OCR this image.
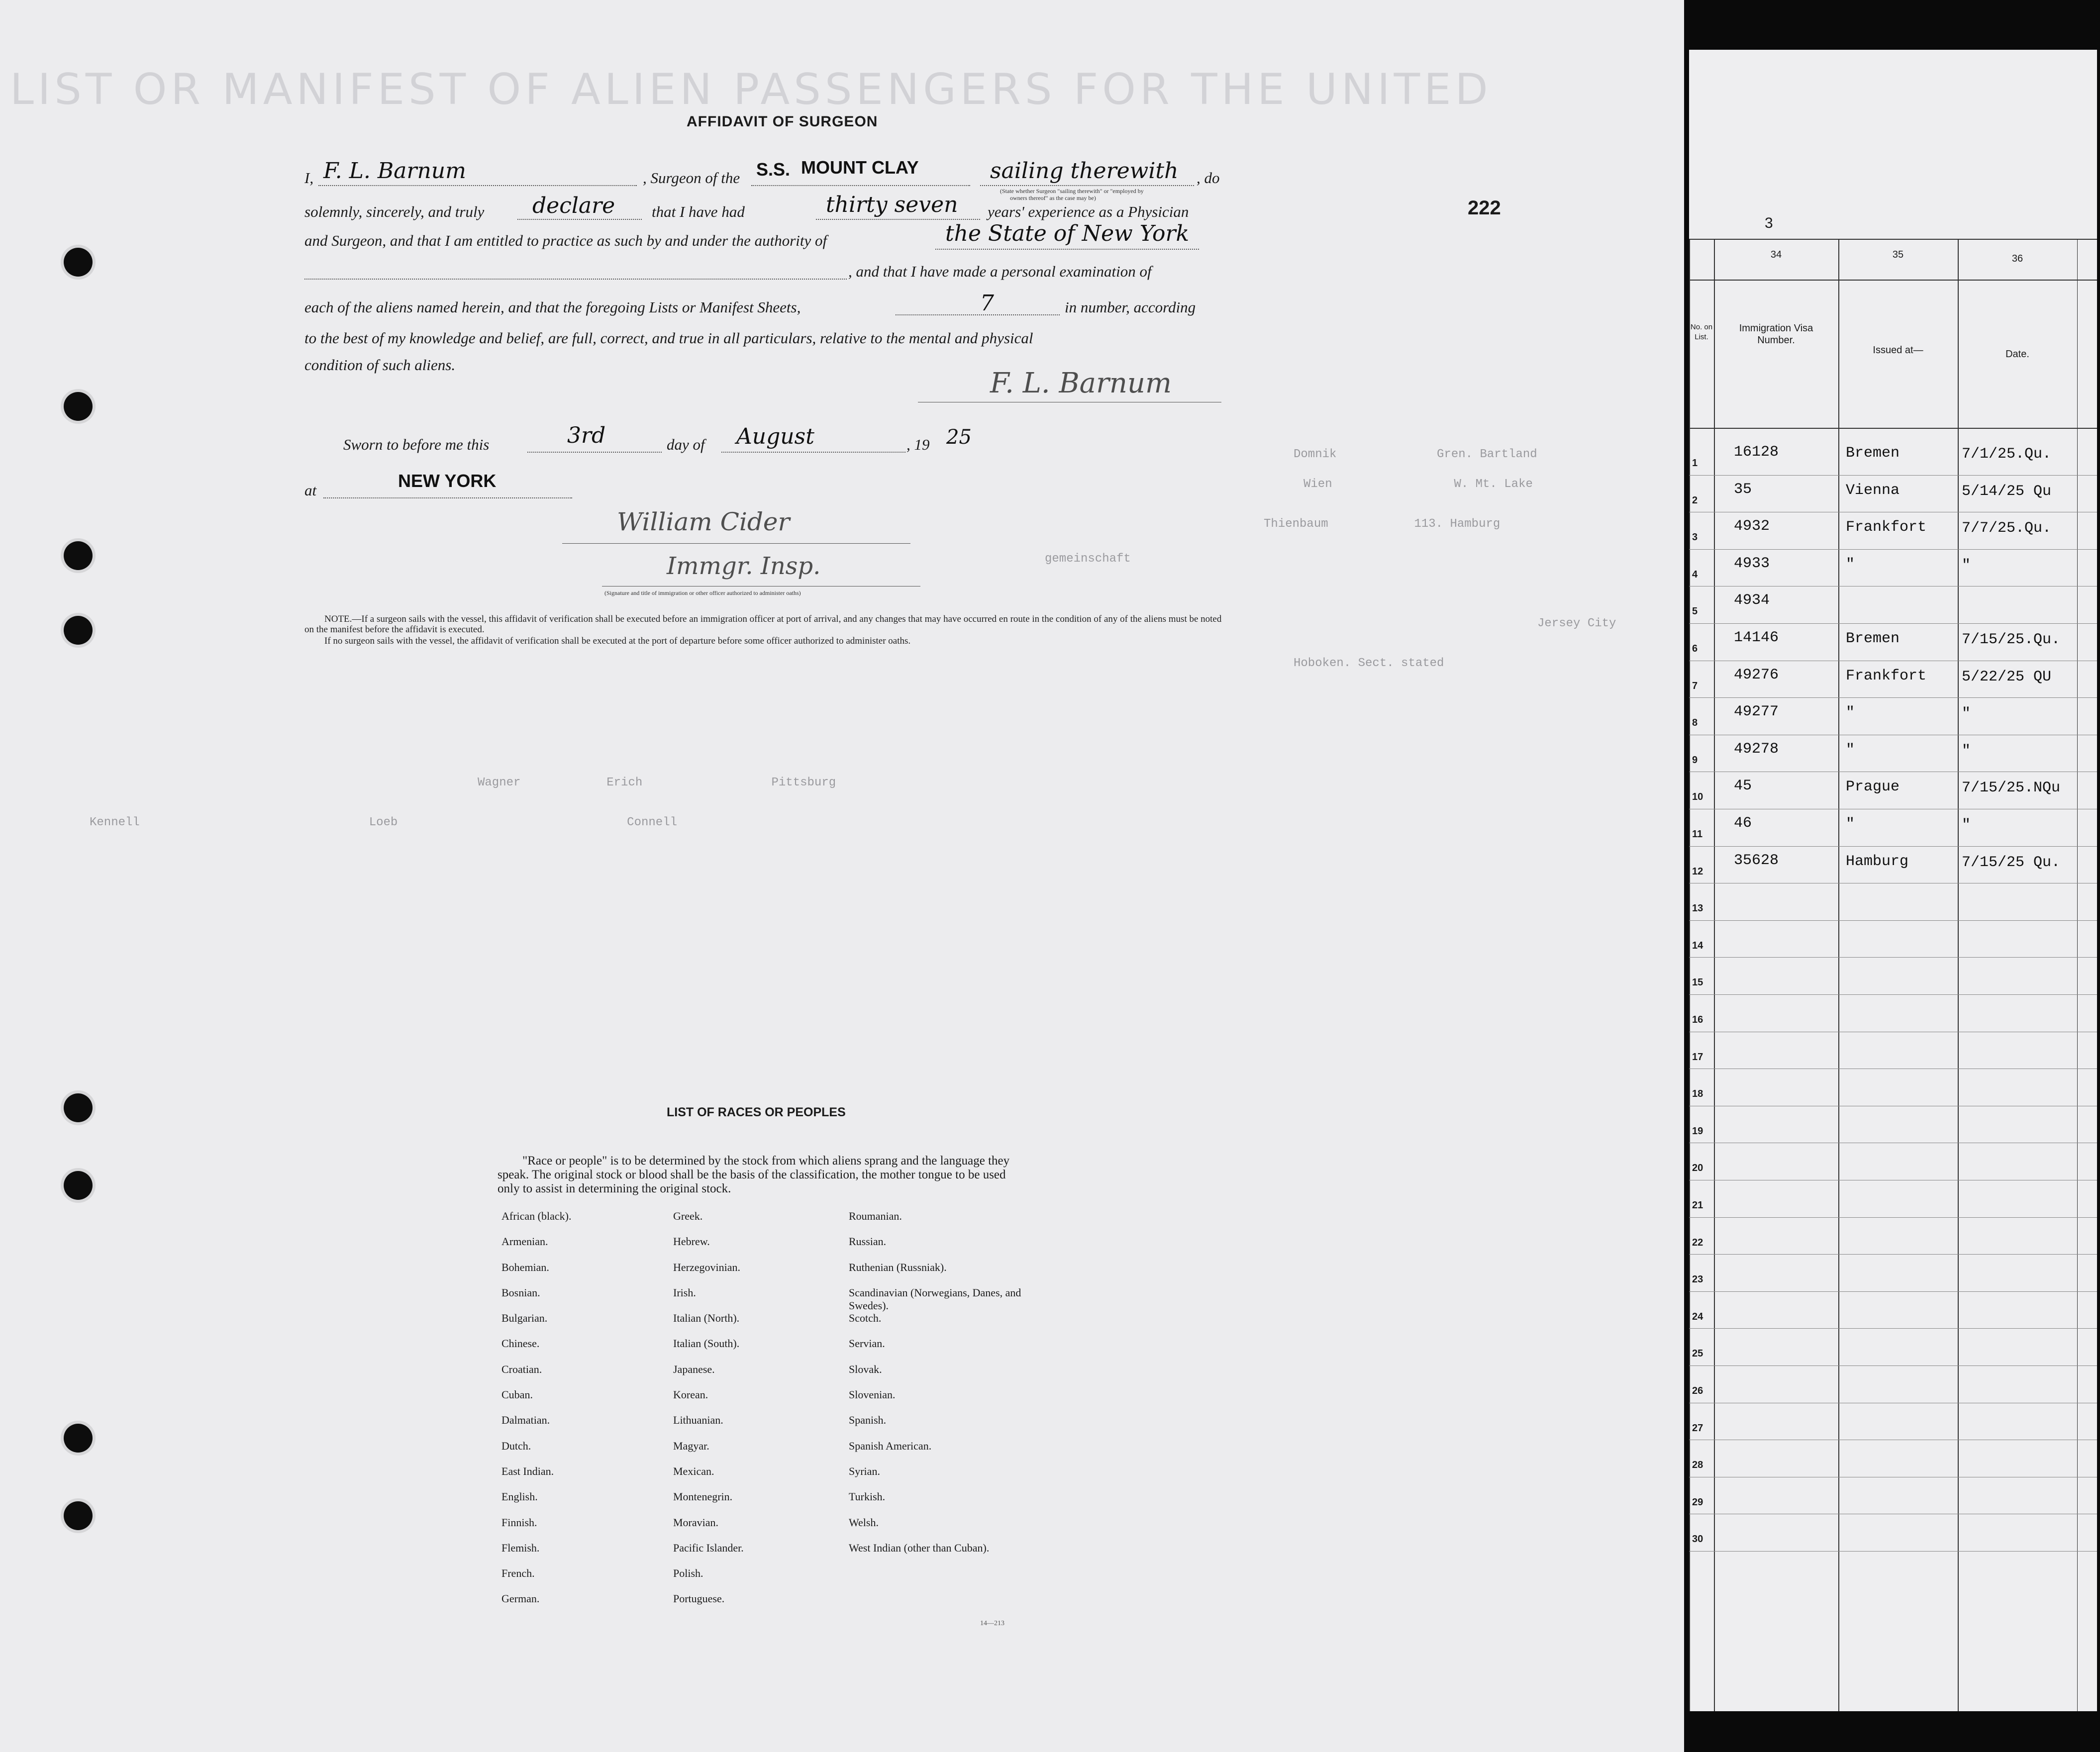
LIST OR MANIFEST OF ALIEN PASSENGERS FOR THE UNITED
AFFIDAVIT OF SURGEON
222
I, F. L. Barnum	, Surgeon of the S.S. MOUNT CLAY	sailing therewith , do
(State whether Surgeon "sailing therewith" or "employed by
owners thereof" as the case may be)
solemnly, sincerely, and truly declare that I have had	thirty seven years' experience as a Physician
and Surgeon, and that I am entitled to practice as such by and under the authority of	the State of New York
, and that I have made a personal examination of
each of the aliens named herein, and that the foregoing Lists or Manifest Sheets,	7	in number, according
to the best of my knowledge and belief, are full, correct, and true in all particulars, relative to the mental and physical
condition of such aliens.
F. L. Barnum
Sworn to before me this	3rd	day of August	, 19 25
at	NEW YORK
William Cider
Immgr. Insp.
(Signature and title of immigration or other officer authorized to administer oaths)
NOTE.—If a surgeon sails with the vessel, this affidavit of verification shall be executed before an immigration officer at port of arrival, and any changes that may have occurred en route in the condition of any of the aliens must be noted on the manifest before the affidavit is executed.
If no surgeon sails with the vessel, the affidavit of verification shall be executed at the port of departure before some officer authorized to administer oaths.
Domnik              Gren. Bartland
Wien                 W. Mt. Lake
Thienbaum            113. Hamburg
gemeinschaft
Jersey City
Hoboken. Sect. stated
Wagner            Erich                  Pittsburg
Kennell                                Loeb                                Connell
LIST OF RACES OR PEOPLES
"Race or people" is to be determined by the stock from which aliens sprang and the language they speak. The original stock or blood shall be the basis of the classification, the mother tongue to be used only to assist in determining the original stock.
African (black).
Armenian.
Bohemian.
Bosnian.
Bulgarian.
Chinese.
Croatian.
Cuban.
Dalmatian.
Dutch.
East Indian.
English.
Finnish.
Flemish.
French.
German.
Greek.
Hebrew.
Herzegovinian.
Irish.
Italian (North).
Italian (South).
Japanese.
Korean.
Lithuanian.
Magyar.
Mexican.
Montenegrin.
Moravian.
Pacific Islander.
Polish.
Portuguese.
Roumanian.
Russian.
Ruthenian (Russniak).
Scandinavian (Norwegians, Danes, and Swedes).
Scotch.
Servian.
Slovak.
Slovenian.
Spanish.
Spanish American.
Syrian.
Turkish.
Welsh.
West Indian (other than Cuban).
14—213
3
34	35	36
No. on List.
Immigration Visa Number.
Issued at—	Date.
1
16128	Bremen	7/1/25.Qu.
2
35	Vienna	5/14/25 Qu
3
4932	Frankfort 7/7/25.Qu.
4
4933	"	"
5
4934
6
14146	Bremen	7/15/25.Qu.
7
49276	Frankfort 5/22/25 QU
8
49277	"	"
9
49278	"	"
10
45	Prague	7/15/25.NQu
11
46	"	"
12
35628	Hamburg	7/15/25 Qu.
13
14
15
16
17
18
19
20
21
22
23
24
25
26
27
28
29
30
